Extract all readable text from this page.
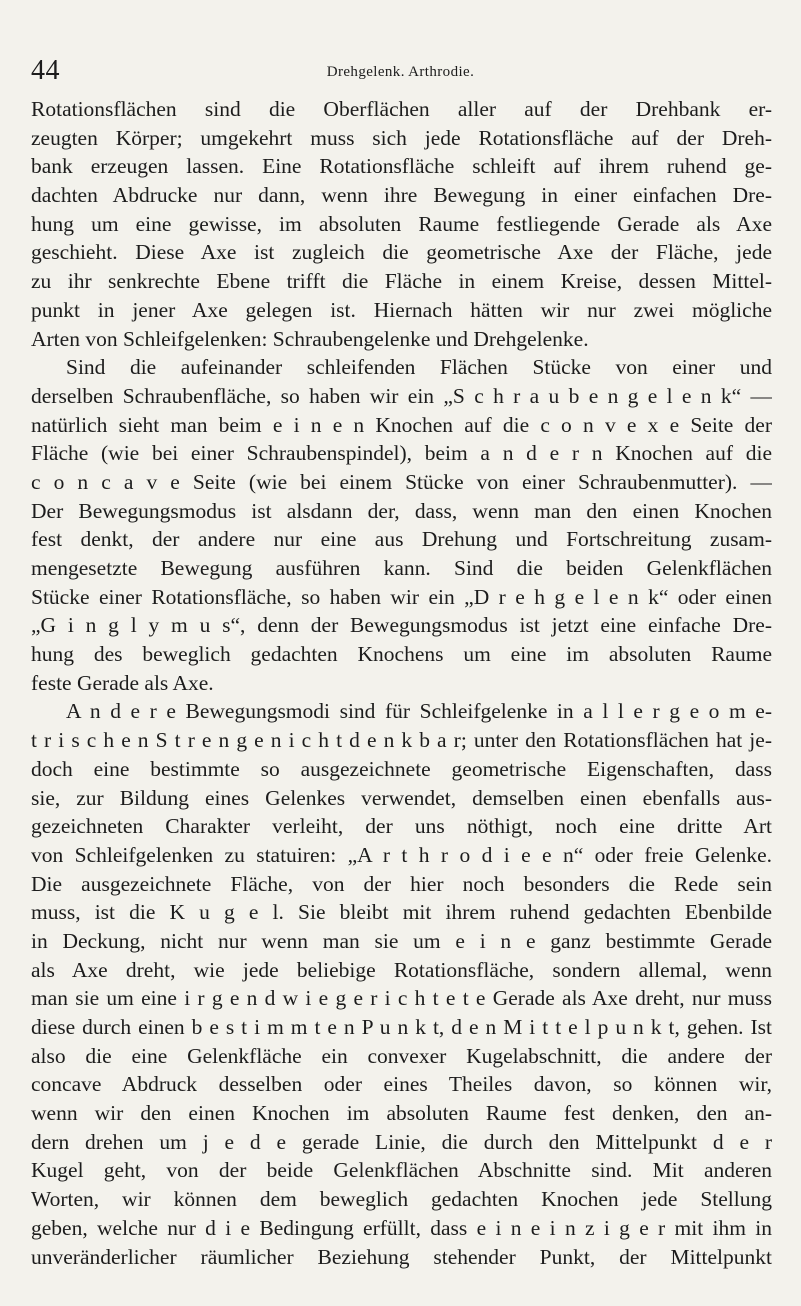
44	Drehgelenk. Arthrodie.
Rotationsflächen sind die Oberflächen aller auf der Drehbank er-
zeugten Körper; umgekehrt muss sich jede Rotationsfläche auf der Dreh-
bank erzeugen lassen. Eine Rotationsfläche schleift auf ihrem ruhend ge-
dachten Abdrucke nur dann, wenn ihre Bewegung in einer einfachen Dre-
hung um eine gewisse, im absoluten Raume festliegende Gerade als Axe
geschieht. Diese Axe ist zugleich die geometrische Axe der Fläche, jede
zu ihr senkrechte Ebene trifft die Fläche in einem Kreise, dessen Mittel-
punkt in jener Axe gelegen ist. Hiernach hätten wir nur zwei mögliche
Arten von Schleifgelenken: Schraubengelenke und Drehgelenke.
Sind die aufeinander schleifenden Flächen Stücke von einer und
derselben Schraubenfläche, so haben wir ein „S c h r a u b e n g e l e n k“ —
natürlich sieht man beim e i n e n Knochen auf die c o n v e x e Seite der
Fläche (wie bei einer Schraubenspindel), beim a n d e r n Knochen auf die
c o n c a v e Seite (wie bei einem Stücke von einer Schraubenmutter). —
Der Bewegungsmodus ist alsdann der, dass, wenn man den einen Knochen
fest denkt, der andere nur eine aus Drehung und Fortschreitung zusam-
mengesetzte Bewegung ausführen kann. Sind die beiden Gelenkflächen
Stücke einer Rotationsfläche, so haben wir ein „D r e h g e l e n k“ oder einen
„G i n g l y m u s“, denn der Bewegungsmodus ist jetzt eine einfache Dre-
hung des beweglich gedachten Knochens um eine im absoluten Raume
feste Gerade als Axe.
A n d e r e Bewegungsmodi sind für Schleifgelenke in a l l e r g e o m e-
t r i s c h e n S t r e n g e n i c h t d e n k b a r; unter den Rotationsflächen hat je-
doch eine bestimmte so ausgezeichnete geometrische Eigenschaften, dass
sie, zur Bildung eines Gelenkes verwendet, demselben einen ebenfalls aus-
gezeichneten Charakter verleiht, der uns nöthigt, noch eine dritte Art
von Schleifgelenken zu statuiren: „A r t h r o d i e e n“ oder freie Gelenke.
Die ausgezeichnete Fläche, von der hier noch besonders die Rede sein
muss, ist die K u g e l. Sie bleibt mit ihrem ruhend gedachten Ebenbilde
in Deckung, nicht nur wenn man sie um e i n e ganz bestimmte Gerade
als Axe dreht, wie jede beliebige Rotationsfläche, sondern allemal, wenn
man sie um eine i r g e n d w i e g e r i c h t e t e Gerade als Axe dreht, nur muss
diese durch einen b e s t i m m t e n P u n k t, d e n M i t t e l p u n k t, gehen. Ist
also die eine Gelenkfläche ein convexer Kugelabschnitt, die andere der
concave Abdruck desselben oder eines Theiles davon, so können wir,
wenn wir den einen Knochen im absoluten Raume fest denken, den an-
dern drehen um j e d e gerade Linie, die durch den Mittelpunkt d e r
Kugel geht, von der beide Gelenkflächen Abschnitte sind. Mit anderen
Worten, wir können dem beweglich gedachten Knochen jede Stellung
geben, welche nur d i e Bedingung erfüllt, dass e i n e i n z i g e r mit ihm in
unveränderlicher räumlicher Beziehung stehender Punkt, der Mittelpunkt
